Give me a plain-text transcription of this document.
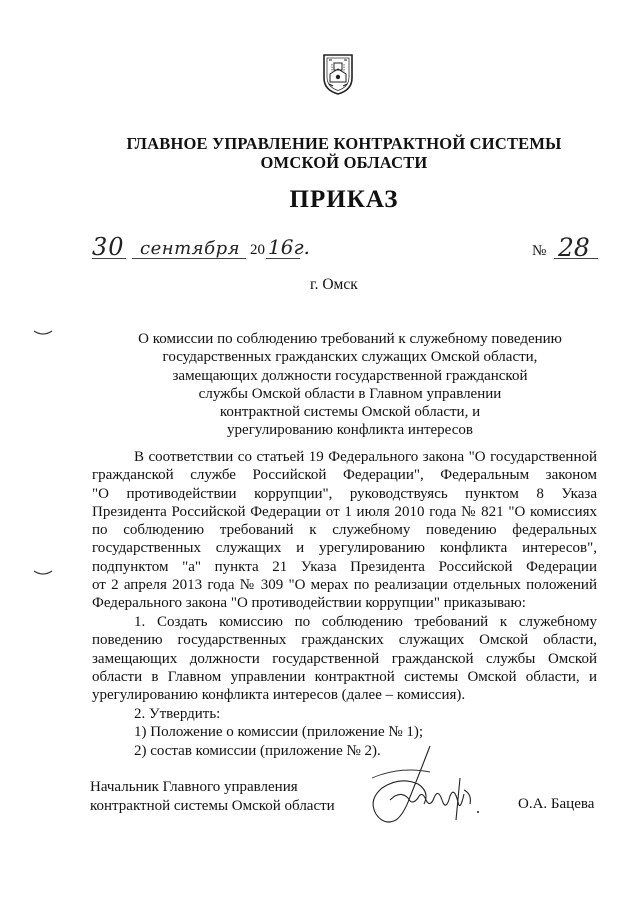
ГЛАВНОЕ УПРАВЛЕНИЕ КОНТРАКТНОЙ СИСТЕМЫ
ОМСКОЙ ОБЛАСТИ
ПРИКАЗ
30 сентября 20 16г.	№ 28
г. Омск
О комиссии по соблюдению требований к служебному поведению
государственных гражданских служащих Омской области,
замещающих должности государственной гражданской
службы Омской области в Главном управлении
контрактной системы Омской области, и
урегулированию конфликта интересов
В соответствии со статьей 19 Федерального закона "О государственной
гражданской службе Российской Федерации", Федеральным законом
"О противодействии коррупции", руководствуясь пунктом 8 Указа
Президента Российской Федерации от 1 июля 2010 года № 821 "О комиссиях
по соблюдению требований к служебному поведению федеральных
государственных служащих и урегулированию конфликта интересов",
подпунктом "а" пункта 21 Указа Президента Российской Федерации
от 2 апреля 2013 года № 309 "О мерах по реализации отдельных положений
Федерального закона "О противодействии коррупции" приказываю:
1. Создать комиссию по соблюдению требований к служебному
поведению государственных гражданских служащих Омской области,
замещающих должности государственной гражданской службы Омской
области в Главном управлении контрактной системы Омской области, и
урегулированию конфликта интересов (далее – комиссия).
2. Утвердить:
1) Положение о комиссии (приложение № 1);
2) состав комиссии (приложение № 2).
Начальник Главного управления
контрактной системы Омской области	О.А. Бацева
